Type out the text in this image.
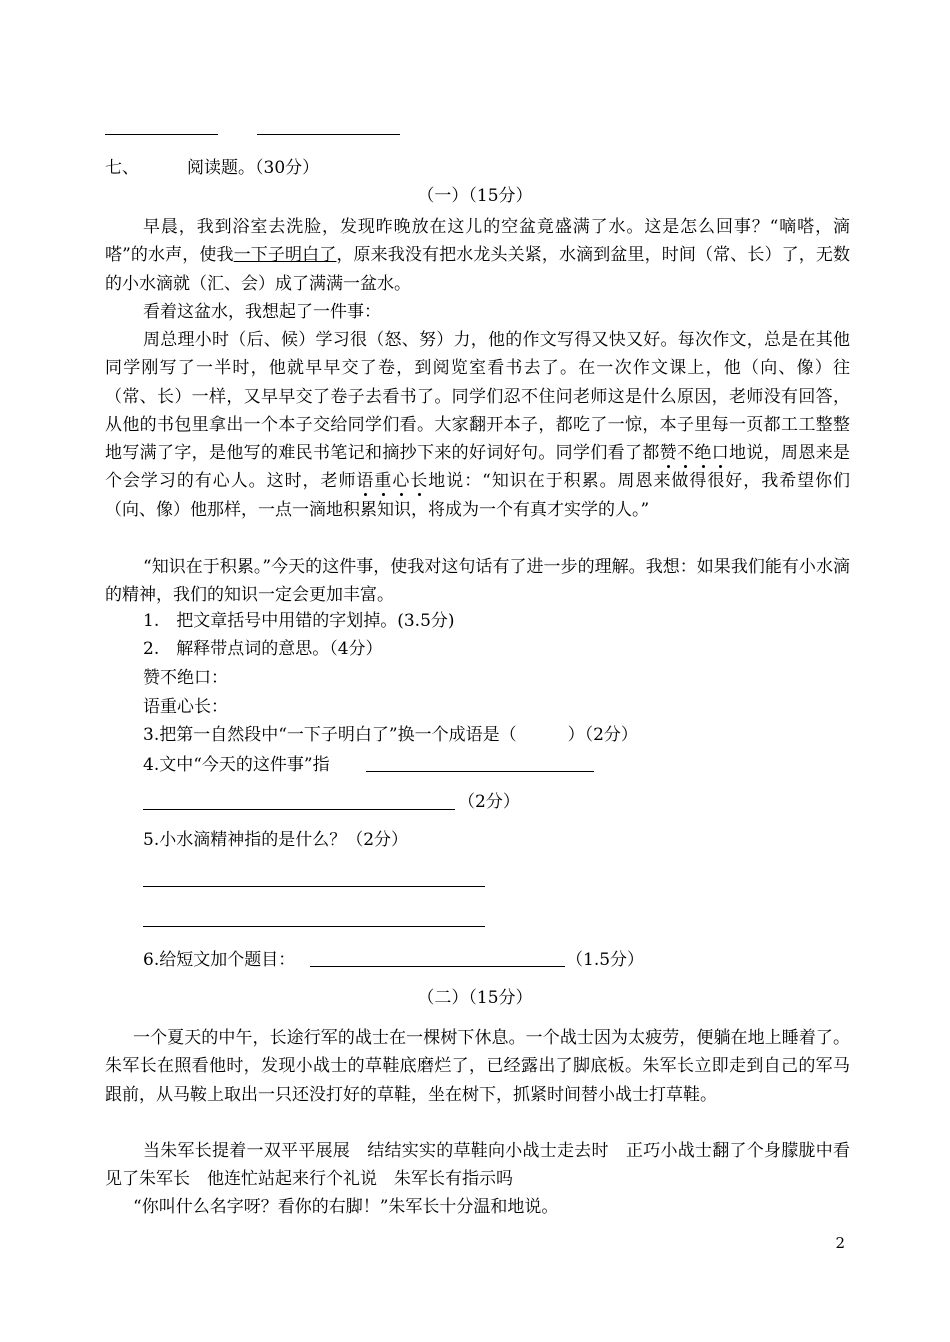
七、	阅读题。（30分）
（一）（15分）
早晨，我到浴室去洗脸，发现昨晚放在这儿的空盆竟盛满了水。这是怎么回事？“嘀嗒，滴嗒”的水声，使我一下子明白了，原来我没有把水龙头关紧，水滴到盆里，时间（常、长）了，无数的小水滴就（汇、会）成了满满一盆水。
看着这盆水，我想起了一件事：
周总理小时（后、候）学习很（怒、努）力，他的作文写得又快又好。每次作文，总是在其他同学刚写了一半时，他就早早交了卷，到阅览室看书去了。在一次作文课上，他（向、像）往（常、长）一样，又早早交了卷子去看书了。同学们忍不住问老师这是什么原因，老师没有回答，从他的书包里拿出一个本子交给同学们看。大家翻开本子，都吃了一惊，本子里每一页都工工整整地写满了字，是他写的难民书笔记和摘抄下来的好词好句。同学们看了都赞不绝口地说，周恩来是个会学习的有心人。这时，老师语重心长地说：“知识在于积累。周恩来做得很好，我希望你们（向、像）他那样，一点一滴地积累知识，将成为一个有真才实学的人。”
“知识在于积累。”今天的这件事，使我对这句话有了进一步的理解。我想：如果我们能有小水滴的精神，我们的知识一定会更加丰富。
1.　把文章括号中用错的字划掉。(3.5分)
2.　解释带点词的意思。（4分）
赞不绝口：
语重心长：
3.把第一自然段中“一下子明白了”换一个成语是（　　　）（2分）
4.文中“今天的这件事”指
（2分）
5.小水滴精神指的是什么？（2分）
6.给短文加个题目：	（1.5分）
（二）（15分）
一个夏天的中午，长途行军的战士在一棵树下休息。一个战士因为太疲劳，便躺在地上睡着了。朱军长在照看他时，发现小战士的草鞋底磨烂了，已经露出了脚底板。朱军长立即走到自己的军马跟前，从马鞍上取出一只还没打好的草鞋，坐在树下，抓紧时间替小战士打草鞋。
当朱军长提着一双平平展展　结结实实的草鞋向小战士走去时　正巧小战士翻了个身朦胧中看见了朱军长　他连忙站起来行个礼说　朱军长有指示吗
“你叫什么名字呀？看你的右脚！”朱军长十分温和地说。
2
